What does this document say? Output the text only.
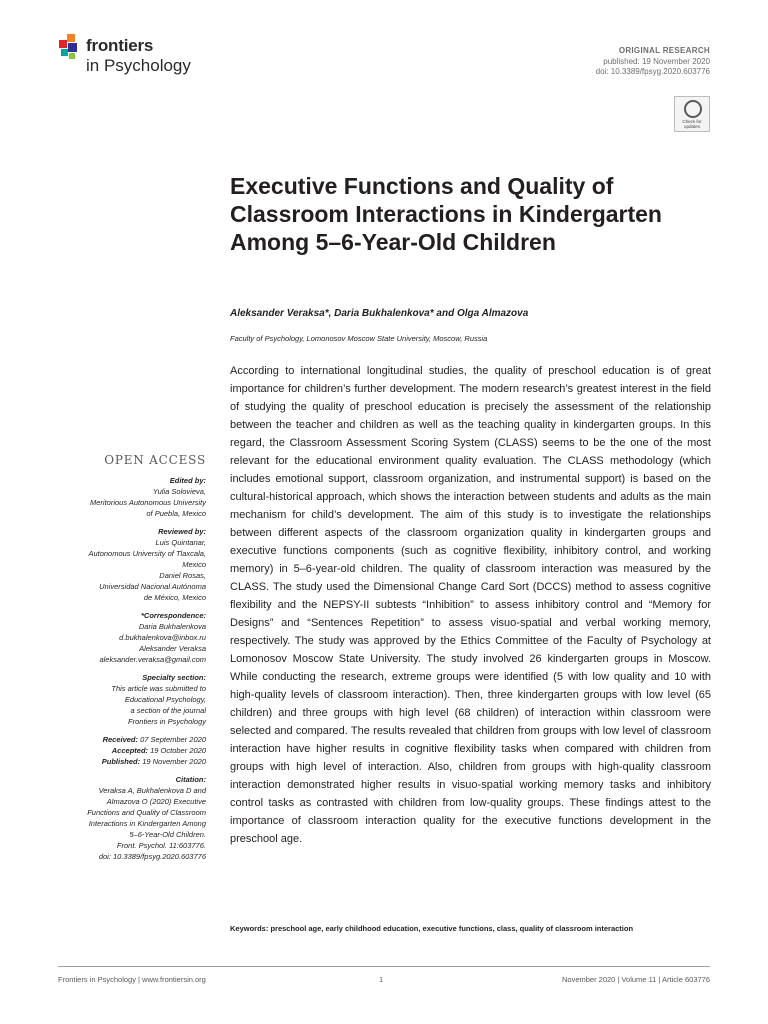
frontiers
in Psychology
ORIGINAL RESEARCH
published: 19 November 2020
doi: 10.3389/fpsyg.2020.603776
Check for updates
Executive Functions and Quality of Classroom Interactions in Kindergarten Among 5–6-Year-Old Children
Aleksander Veraksa*, Daria Bukhalenkova* and Olga Almazova
Faculty of Psychology, Lomonosov Moscow State University, Moscow, Russia
According to international longitudinal studies, the quality of preschool education is of great importance for children’s further development. The modern research’s greatest interest in the field of studying the quality of preschool education is precisely the assessment of the relationship between the teacher and children as well as the teaching quality in kindergarten groups. In this regard, the Classroom Assessment Scoring System (CLASS) seems to be the one of the most relevant for the educational environment quality evaluation. The CLASS methodology (which includes emotional support, classroom organization, and instrumental support) is based on the cultural-historical approach, which shows the interaction between students and adults as the main mechanism for child’s development. The aim of this study is to investigate the relationships between different aspects of the classroom organization quality in kindergarten groups and executive functions components (such as cognitive flexibility, inhibitory control, and working memory) in 5–6-year-old children. The quality of classroom interaction was measured by the CLASS. The study used the Dimensional Change Card Sort (DCCS) method to assess cognitive flexibility and the NEPSY-II subtests “Inhibition” to assess inhibitory control and “Memory for Designs” and “Sentences Repetition” to assess visuo-spatial and verbal working memory, respectively. The study was approved by the Ethics Committee of the Faculty of Psychology at Lomonosov Moscow State University. The study involved 26 kindergarten groups in Moscow. While conducting the research, extreme groups were identified (5 with low quality and 10 with high-quality levels of classroom interaction). Then, three kindergarten groups with low level (65 children) and three groups with high level (68 children) of interaction within classroom were selected and compared. The results revealed that children from groups with low level of classroom interaction have higher results in cognitive flexibility tasks when compared with children from groups with high level of interaction. Also, children from groups with high-quality classroom interaction demonstrated higher results in visuo-spatial working memory tasks and inhibitory control tasks as contrasted with children from low-quality groups. These findings attest to the importance of classroom interaction quality for the executive functions development in the preschool age.
Keywords: preschool age, early childhood education, executive functions, class, quality of classroom interaction
OPEN ACCESS
Edited by:
Yulia Solovieva,
Meritorious Autonomous University
of Puebla, Mexico
Reviewed by:
Luis Quintanar,
Autonomous University of Tlaxcala,
Mexico
Daniel Rosas,
Universidad Nacional Autónoma
de México, Mexico
*Correspondence:
Daria Bukhalenkova
d.bukhalenkova@inbox.ru
Aleksander Veraksa
aleksander.veraksa@gmail.com
Specialty section:
This article was submitted to
Educational Psychology,
a section of the journal
Frontiers in Psychology
Received: 07 September 2020
Accepted: 19 October 2020
Published: 19 November 2020
Citation:
Veraksa A, Bukhalenkova D and
Almazova O (2020) Executive
Functions and Quality of Classroom
Interactions in Kindergarten Among
5–6-Year-Old Children.
Front. Psychol. 11:603776.
doi: 10.3389/fpsyg.2020.603776
Frontiers in Psychology | www.frontiersin.org	1	November 2020 | Volume 11 | Article 603776
